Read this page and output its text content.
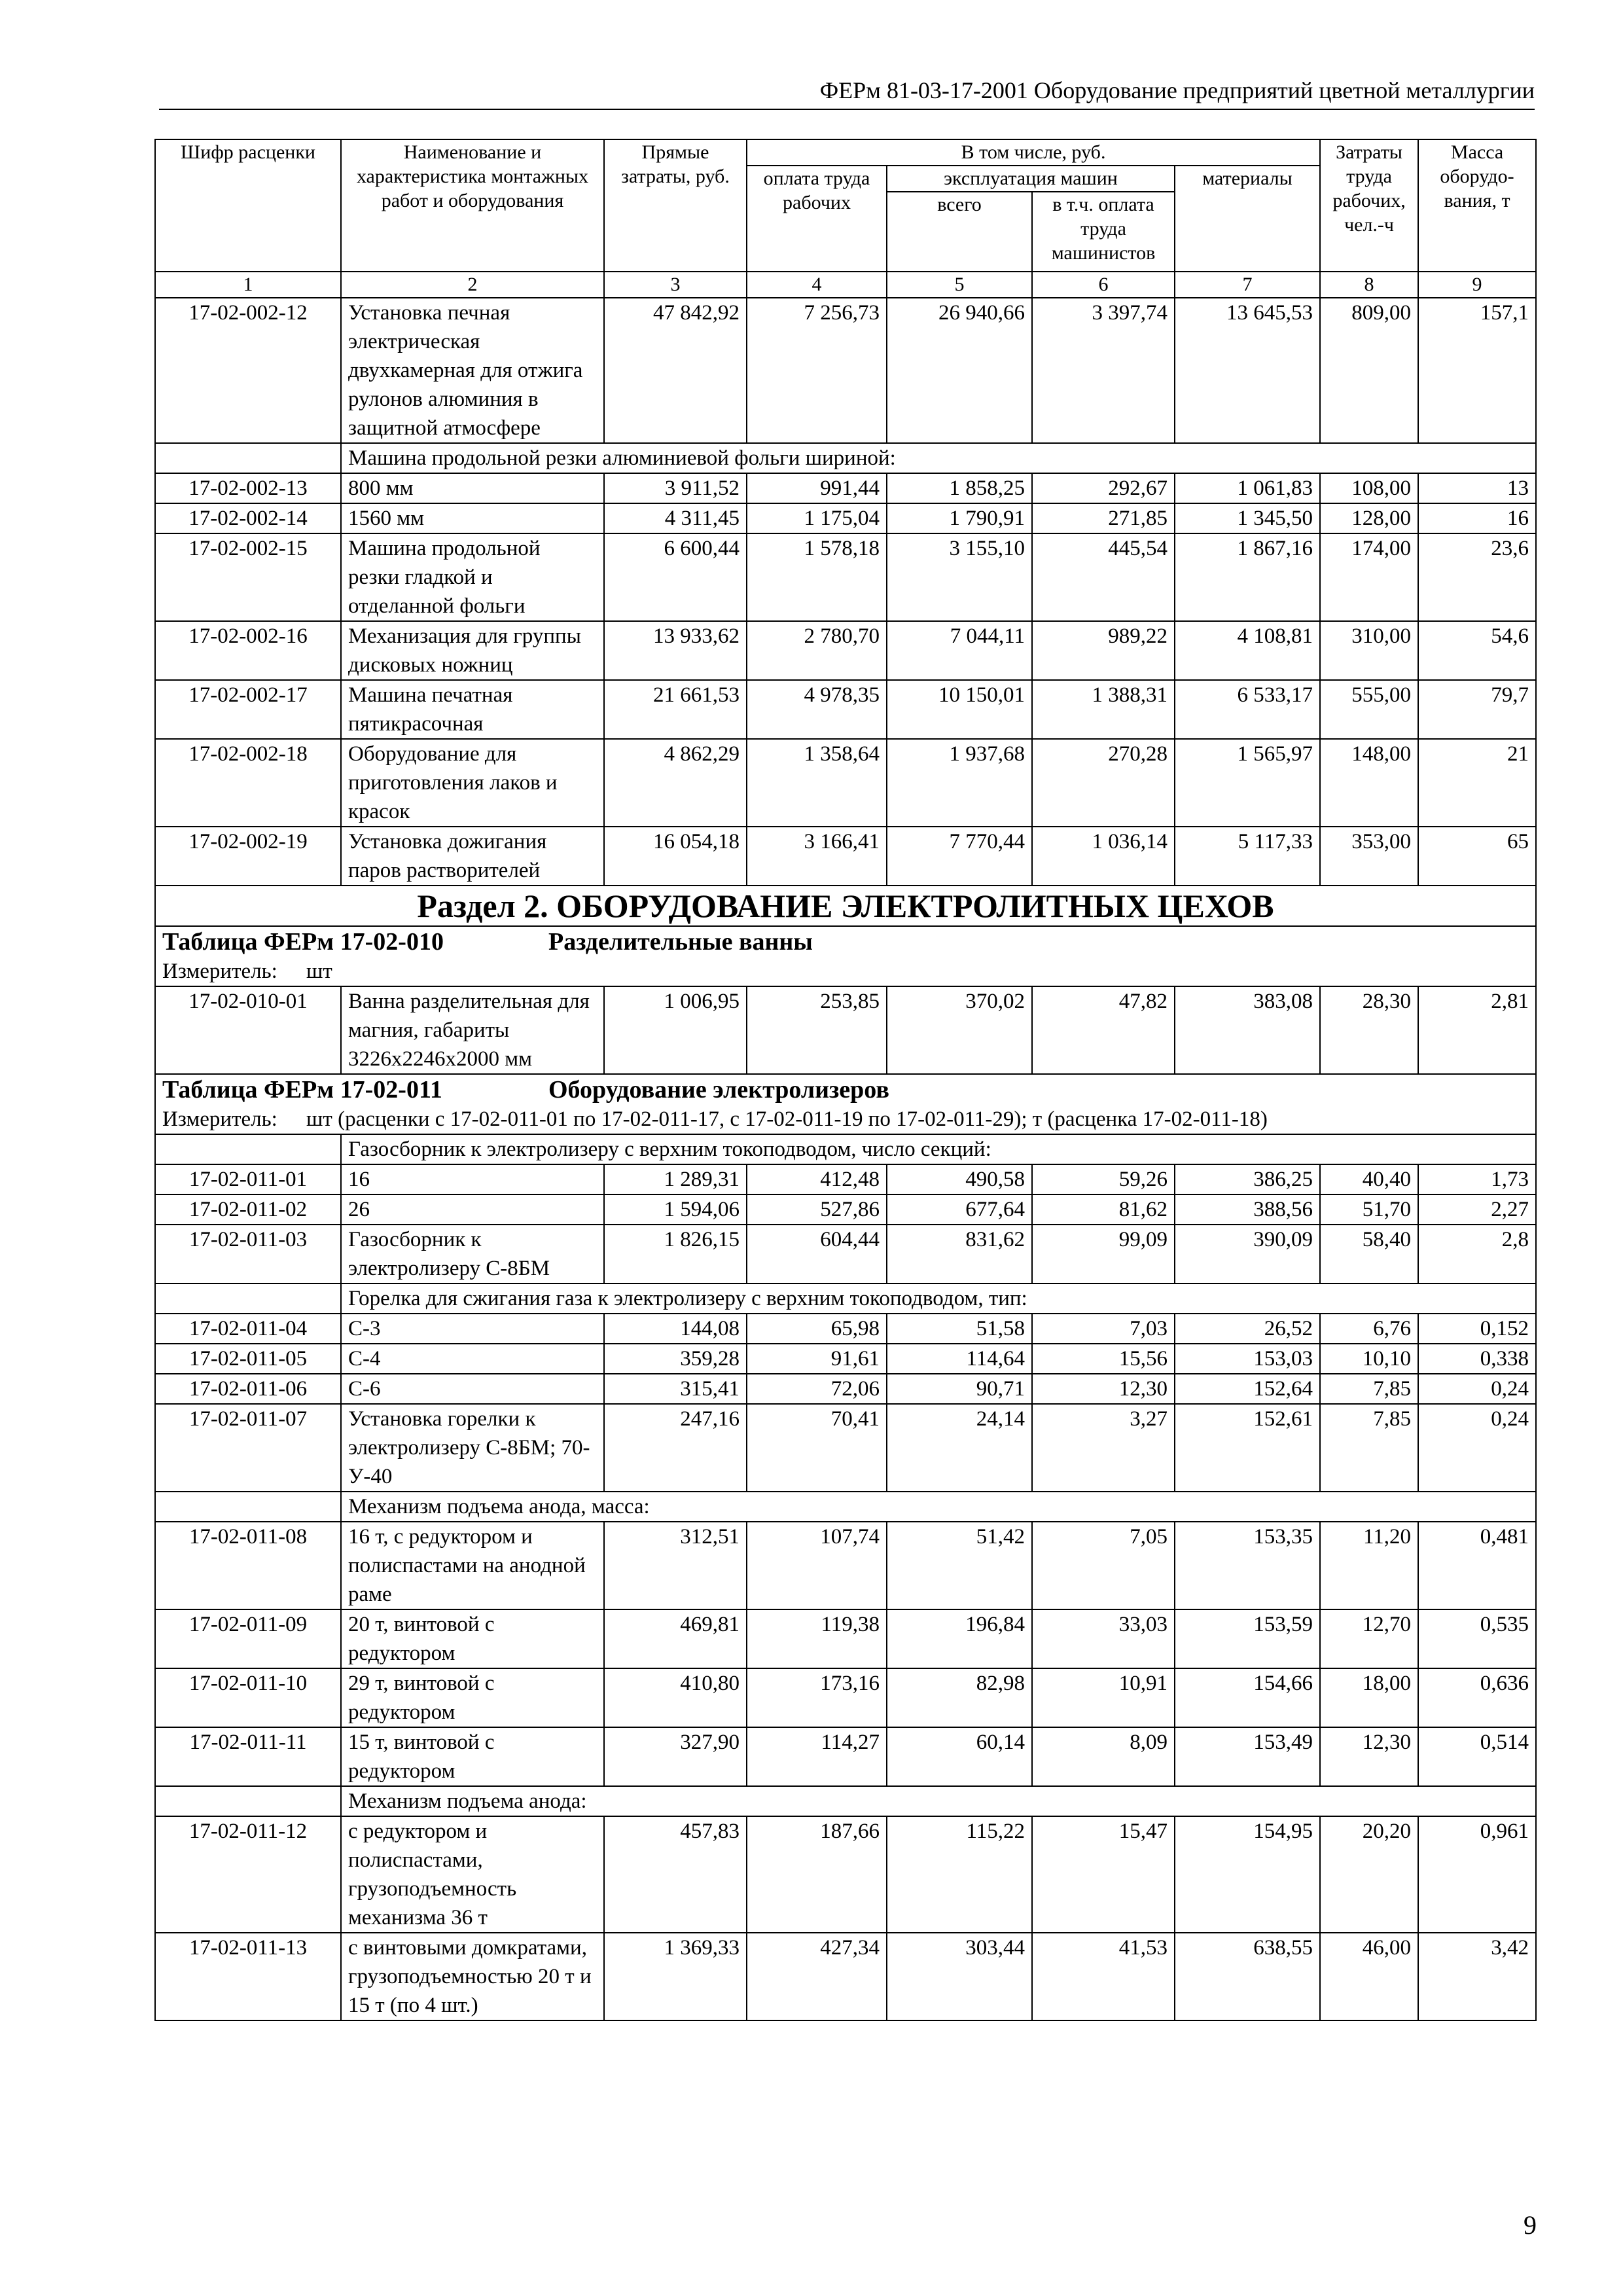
ФЕРм 81-03-17-2001 Оборудование предприятий цветной металлургии
Шифр расценки	Наименование и характеристика монтажных работ и оборудования	Прямые затраты, руб.	В том числе, руб.				Затраты труда рабочих, чел.-ч	Масса оборудо-вания, т
			оплата труда рабочих	эксплуатация машин		материалы		
				всего	в т.ч. оплата труда машинистов			
1	2	3	4	5	6	7	8	9
17-02-002-12	Установка печная электрическая двухкамерная для отжига рулонов алюминия в защитной атмосфере	47 842,92	7 256,73	26 940,66	3 397,74	13 645,53	809,00	157,1
	Машина продольной резки алюминиевой фольги шириной:							
17-02-002-13	800 мм	3 911,52	991,44	1 858,25	292,67	1 061,83	108,00	13
17-02-002-14	1560 мм	4 311,45	1 175,04	1 790,91	271,85	1 345,50	128,00	16
17-02-002-15	Машина продольной резки гладкой и отделанной фольги	6 600,44	1 578,18	3 155,10	445,54	1 867,16	174,00	23,6
17-02-002-16	Механизация для группы дисковых ножниц	13 933,62	2 780,70	7 044,11	989,22	4 108,81	310,00	54,6
17-02-002-17	Машина печатная пятикрасочная	21 661,53	4 978,35	10 150,01	1 388,31	6 533,17	555,00	79,7
17-02-002-18	Оборудование для приготовления лаков и красок	4 862,29	1 358,64	1 937,68	270,28	1 565,97	148,00	21
17-02-002-19	Установка дожигания паров растворителей	16 054,18	3 166,41	7 770,44	1 036,14	5 117,33	353,00	65
Раздел 2. ОБОРУДОВАНИЕ ЭЛЕКТРОЛИТНЫХ ЦЕХОВ								
Таблица ФЕРм 17-02-010 Разделительные ванны								
Измеритель: шт								
17-02-010-01	Ванна разделительная для магния, габариты 3226х2246х2000 мм	1 006,95	253,85	370,02	47,82	383,08	28,30	2,81
Таблица ФЕРм 17-02-011 Оборудование электролизеров								
Измеритель: шт (расценки с 17-02-011-01 по 17-02-011-17, с 17-02-011-19 по 17-02-011-29); т (расценка 17-02-011-18)								
	Газосборник к электролизеру с верхним токоподводом, число секций:							
17-02-011-01	16	1 289,31	412,48	490,58	59,26	386,25	40,40	1,73
17-02-011-02	26	1 594,06	527,86	677,64	81,62	388,56	51,70	2,27
17-02-011-03	Газосборник к электролизеру С-8БМ	1 826,15	604,44	831,62	99,09	390,09	58,40	2,8
	Горелка для сжигания газа к электролизеру с верхним токоподводом, тип:							
17-02-011-04	С-3	144,08	65,98	51,58	7,03	26,52	6,76	0,152
17-02-011-05	С-4	359,28	91,61	114,64	15,56	153,03	10,10	0,338
17-02-011-06	С-6	315,41	72,06	90,71	12,30	152,64	7,85	0,24
17-02-011-07	Установка горелки к электролизеру С-8БМ; 70-У-40	247,16	70,41	24,14	3,27	152,61	7,85	0,24
	Механизм подъема анода, масса:							
17-02-011-08	16 т, с редуктором и полиспастами на анодной раме	312,51	107,74	51,42	7,05	153,35	11,20	0,481
17-02-011-09	20 т, винтовой с редуктором	469,81	119,38	196,84	33,03	153,59	12,70	0,535
17-02-011-10	29 т, винтовой с редуктором	410,80	173,16	82,98	10,91	154,66	18,00	0,636
17-02-011-11	15 т, винтовой с редуктором	327,90	114,27	60,14	8,09	153,49	12,30	0,514
	Механизм подъема анода:							
17-02-011-12	с редуктором и полиспастами, грузоподъемность механизма 36 т	457,83	187,66	115,22	15,47	154,95	20,20	0,961
17-02-011-13	с винтовыми домкратами, грузоподъемностью 20 т и 15 т (по 4 шт.)	1 369,33	427,34	303,44	41,53	638,55	46,00	3,42
9
